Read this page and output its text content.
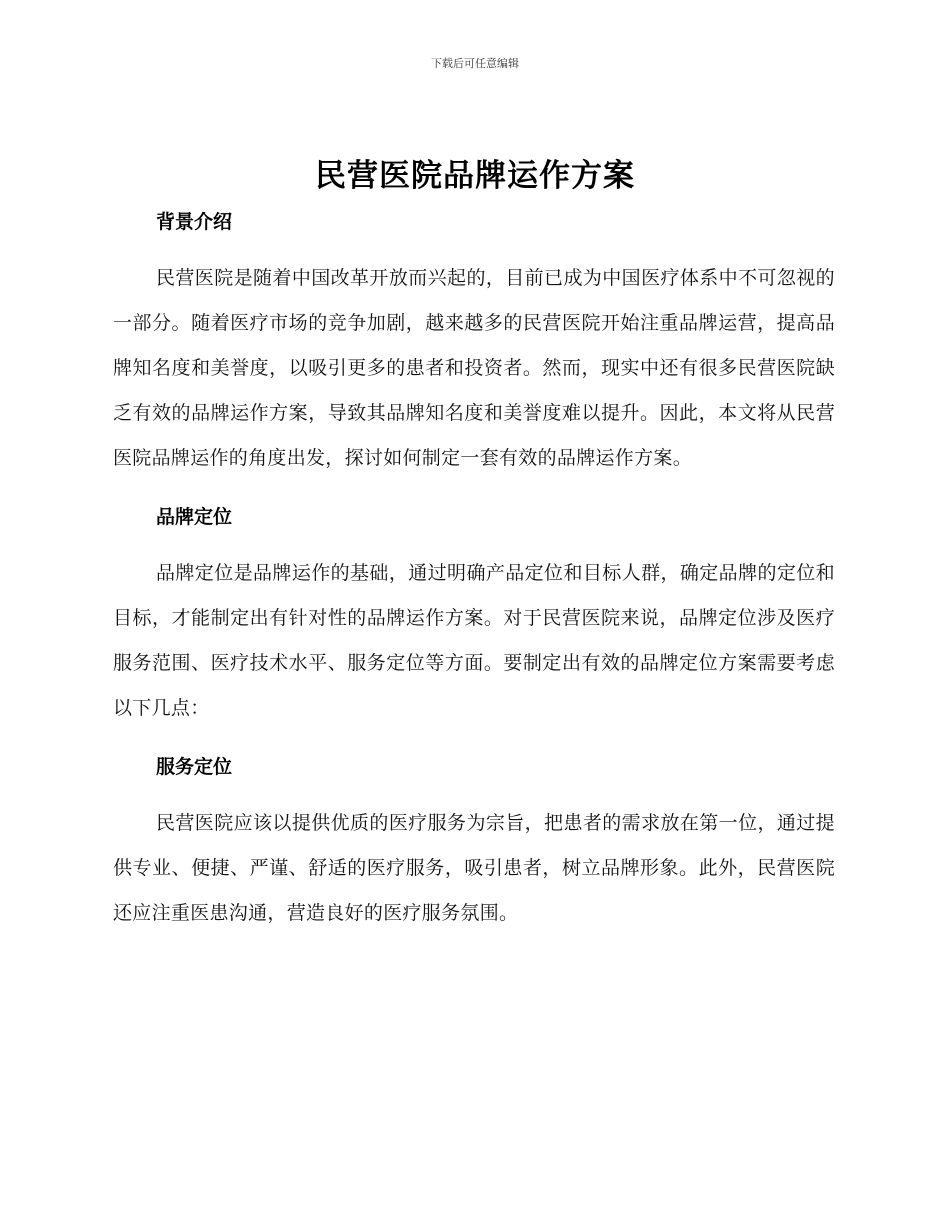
下载后可任意编辑
民营医院品牌运作方案
背景介绍

民营医院是随着中国改革开放而兴起的，目前已成为中国医疗体系中不可忽视的一部分。随着医疗市场的竞争加剧，越来越多的民营医院开始注重品牌运营，提高品牌知名度和美誉度，以吸引更多的患者和投资者。然而，现实中还有很多民营医院缺乏有效的品牌运作方案，导致其品牌知名度和美誉度难以提升。因此，本文将从民营医院品牌运作的角度出发，探讨如何制定一套有效的品牌运作方案。

品牌定位

品牌定位是品牌运作的基础，通过明确产品定位和目标人群，确定品牌的定位和目标，才能制定出有针对性的品牌运作方案。对于民营医院来说，品牌定位涉及医疗服务范围、医疗技术水平、服务定位等方面。要制定出有效的品牌定位方案需要考虑以下几点：

服务定位

民营医院应该以提供优质的医疗服务为宗旨，把患者的需求放在第一位，通过提供专业、便捷、严谨、舒适的医疗服务，吸引患者，树立品牌形象。此外，民营医院还应注重医患沟通，营造良好的医疗服务氛围。
